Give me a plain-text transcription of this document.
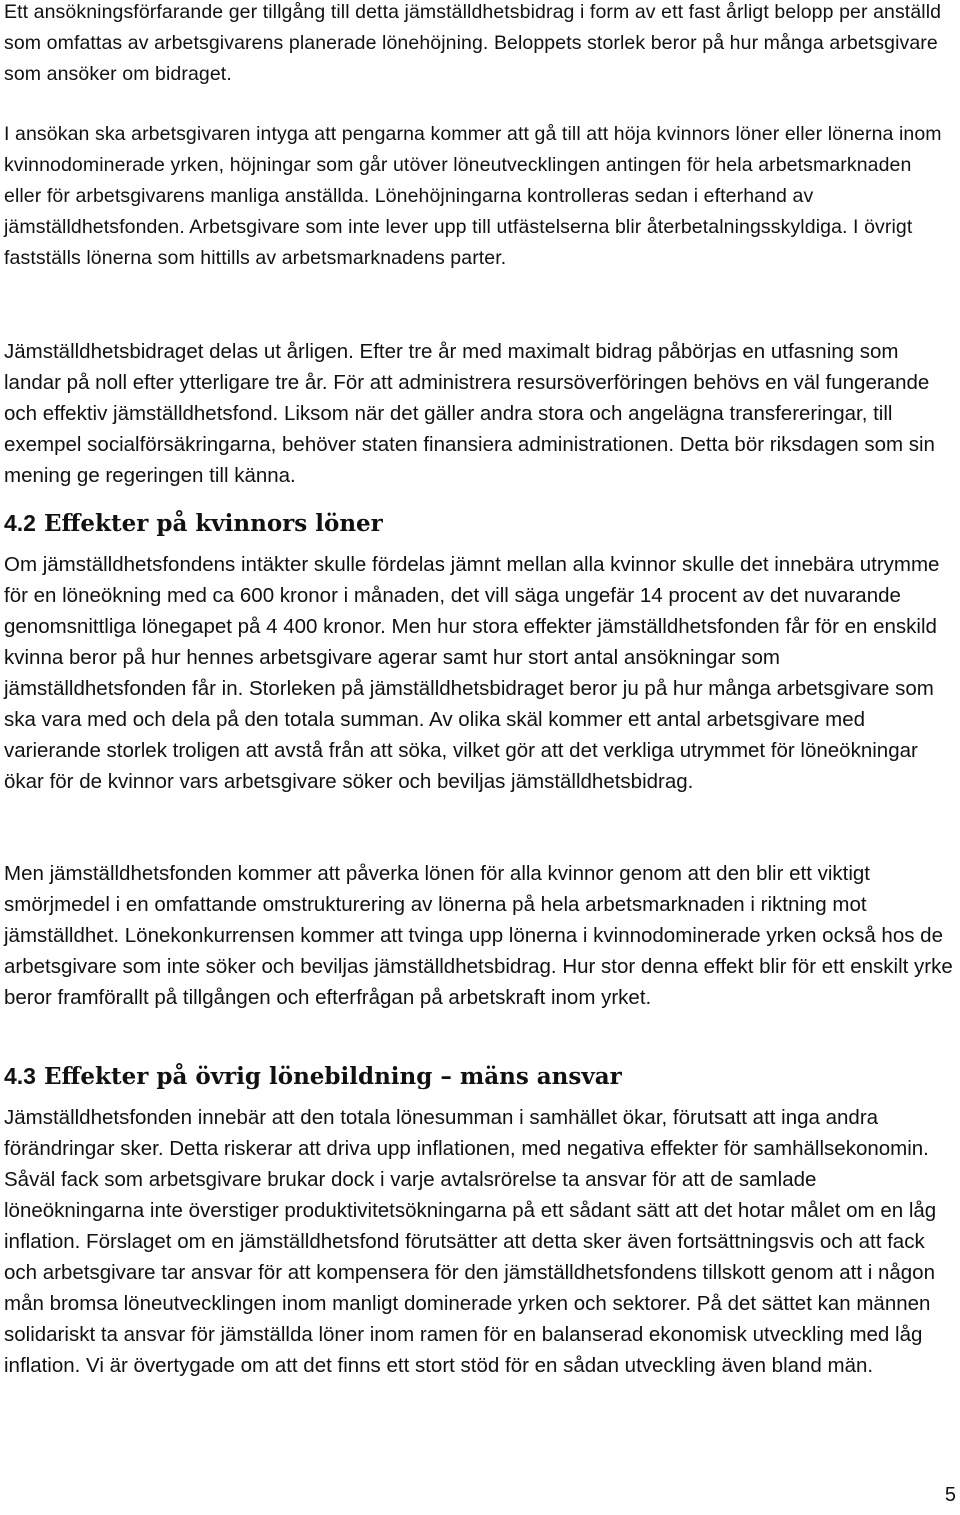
Ett ansökningsförfarande ger tillgång till detta jämställdhetsbidrag i form av ett fast årligt belopp per anställd som omfattas av arbetsgivarens planerade lönehöjning. Beloppets storlek beror på hur många arbetsgivare som ansöker om bidraget.

I ansökan ska arbetsgivaren intyga att pengarna kommer att gå till att höja kvinnors löner eller lönerna inom kvinnodominerade yrken, höjningar som går utöver löneutvecklingen antingen för hela arbetsmarknaden eller för arbetsgivarens manliga anställda. Lönehöjningarna kontrolleras sedan i efterhand av jämställdhetsfonden. Arbetsgivare som inte lever upp till utfästelserna blir återbetalningsskyldiga. I övrigt fastställs lönerna som hittills av arbetsmarknadens parter.

Jämställdhetsbidraget delas ut årligen. Efter tre år med maximalt bidrag påbörjas en utfasning som landar på noll efter ytterligare tre år. För att administrera resursöverföringen behövs en väl fungerande och effektiv jämställdhetsfond. Liksom när det gäller andra stora och angelägna transfereringar, till exempel socialförsäkringarna, behöver staten finansiera administrationen. Detta bör riksdagen som sin mening ge regeringen till känna.

4.2 Effekter på kvinnors löner

Om jämställdhetsfondens intäkter skulle fördelas jämnt mellan alla kvinnor skulle det innebära utrymme för en löneökning med ca 600 kronor i månaden, det vill säga ungefär 14 procent av det nuvarande genomsnittliga lönegapet på 4 400 kronor. Men hur stora effekter jämställdhetsfonden får för en enskild kvinna beror på hur hennes arbetsgivare agerar samt hur stort antal ansökningar som jämställdhetsfonden får in. Storleken på jämställdhetsbidraget beror ju på hur många arbetsgivare som ska vara med och dela på den totala summan. Av olika skäl kommer ett antal arbetsgivare med varierande storlek troligen att avstå från att söka, vilket gör att det verkliga utrymmet för löneökningar ökar för de kvinnor vars arbetsgivare söker och beviljas jämställdhetsbidrag.

Men jämställdhetsfonden kommer att påverka lönen för alla kvinnor genom att den blir ett viktigt smörjmedel i en omfattande omstrukturering av lönerna på hela arbetsmarknaden i riktning mot jämställdhet. Lönekonkurrensen kommer att tvinga upp lönerna i kvinnodominerade yrken också hos de arbetsgivare som inte söker och beviljas jämställdhetsbidrag. Hur stor denna effekt blir för ett enskilt yrke beror framförallt på tillgången och efterfrågan på arbetskraft inom yrket.

4.3 Effekter på övrig lönebildning – mäns ansvar

Jämställdhetsfonden innebär att den totala lönesumman i samhället ökar, förutsatt att inga andra förändringar sker. Detta riskerar att driva upp inflationen, med negativa effekter för samhällsekonomin. Såväl fack som arbetsgivare brukar dock i varje avtalsrörelse ta ansvar för att de samlade löneökningarna inte överstiger produktivitetsökningarna på ett sådant sätt att det hotar målet om en låg inflation. Förslaget om en jämställdhetsfond förutsätter att detta sker även fortsättningsvis och att fack och arbetsgivare tar ansvar för att kompensera för den jämställdhetsfondens tillskott genom att i någon mån bromsa löneutvecklingen inom manligt dominerade yrken och sektorer. På det sättet kan männen solidariskt ta ansvar för jämställda löner inom ramen för en balanserad ekonomisk utveckling med låg inflation. Vi är övertygade om att det finns ett stort stöd för en sådan utveckling även bland män.

5
